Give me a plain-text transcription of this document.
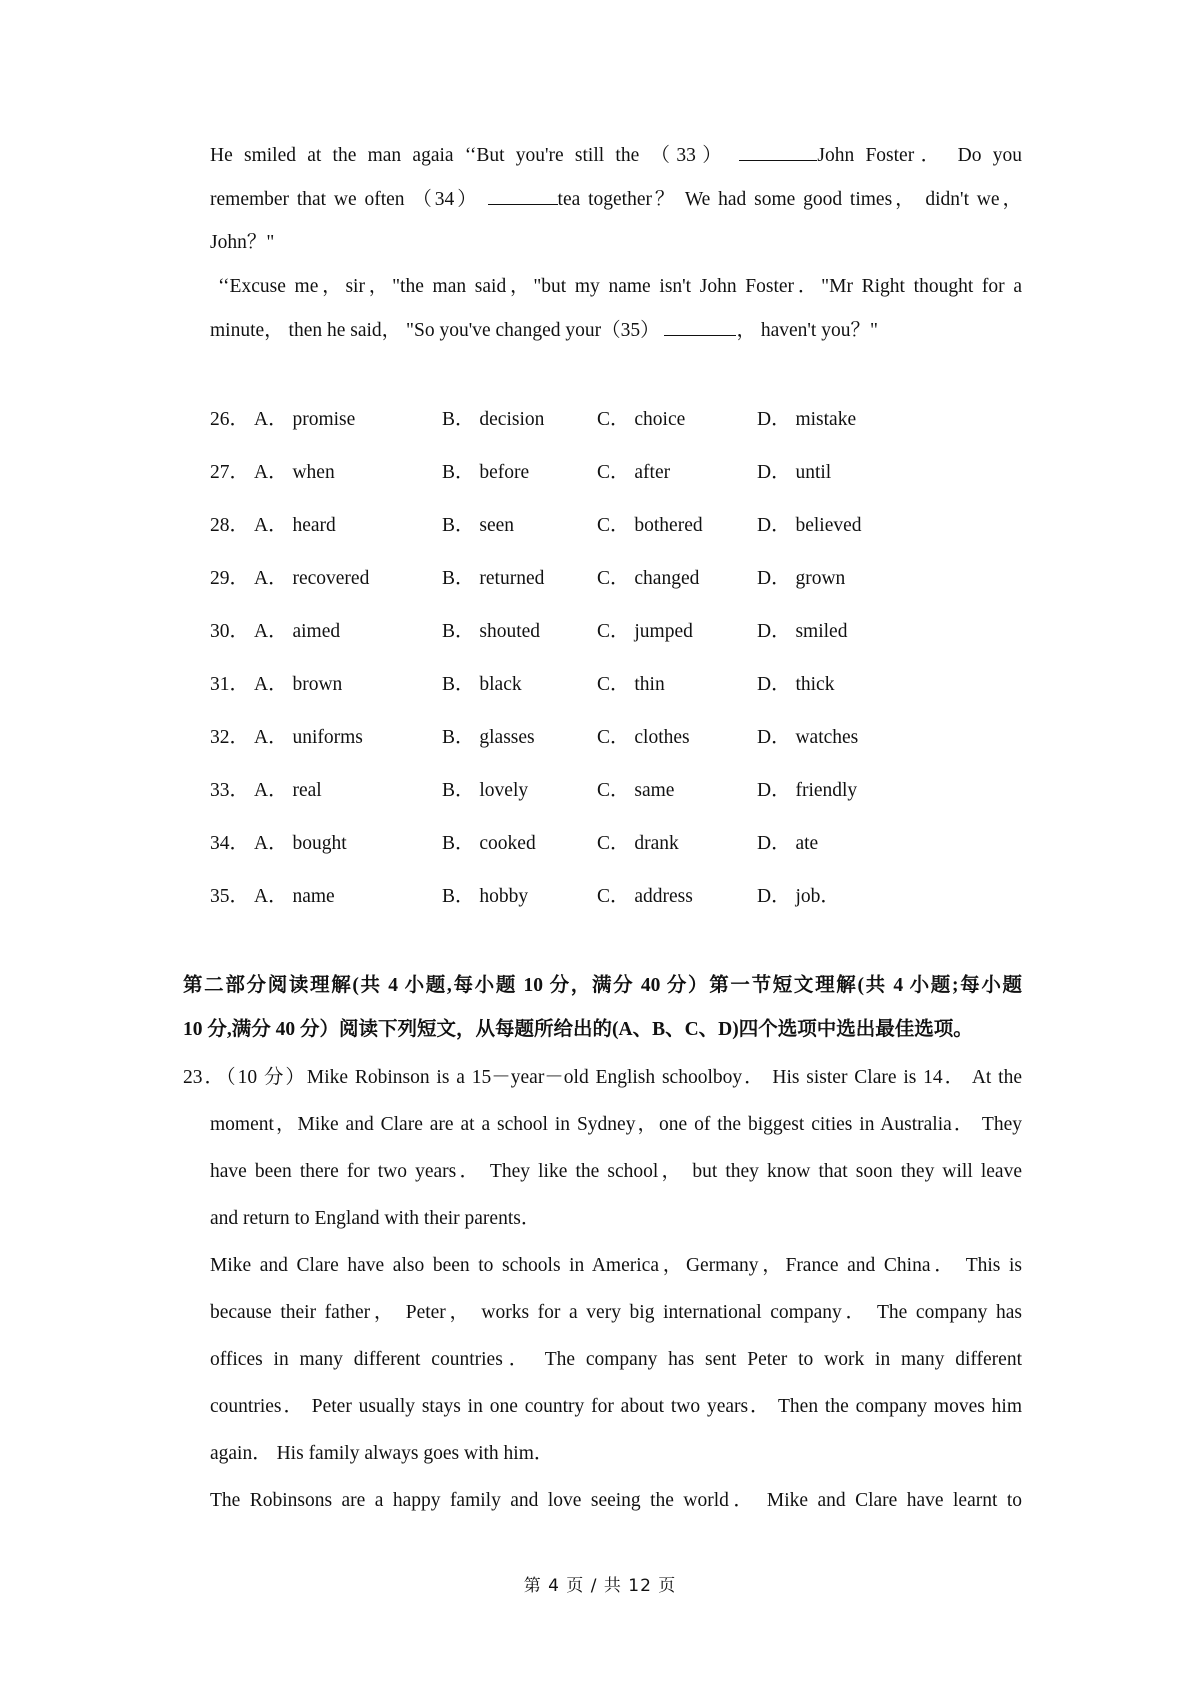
He smiled at the man agaia ‘‘But you're still the （33）	John Foster． Do you
remember that we often （34）	tea together？ We had some good times， didn't we，
John？"
‘‘Excuse me，sir，"the man said，"but my name isn't John Foster．"Mr Right thought for a
minute， then he said， "So you've changed your（35）	， haven't you？"
26． A． promise	B． decision	C． choice	D． mistake
27． A． when	B． before	C． after	D． until
28． A． heard	B． seen	C． bothered	D． believed
29． A． recovered	B． returned	C． changed	D． grown
30． A． aimed	B． shouted	C． jumped	D． smiled
31． A． brown	B． black	C． thin	D． thick
32． A． uniforms	B． glasses	C． clothes	D． watches
33． A． real	B． lovely	C． same	D． friendly
34． A． bought	B． cooked	C． drank	D． ate
35． A． name	B． hobby	C． address	D． job．
第二部分阅读理解(共 4 小题,每小题 10 分，满分 40 分）第一节短文理解(共 4 小题;每小题
10 分,满分 40 分）阅读下列短文，从每题所给出的(A、B、C、D)四个选项中选出最佳选项。
23．（10 分）Mike Robinson is a 15－year－old English schoolboy． His sister Clare is 14． At the
moment，Mike and Clare are at a school in Sydney，one of the biggest cities in Australia． They
have been there for two years． They like the school， but they know that soon they will leave
and return to England with their parents．
Mike and Clare have also been to schools in America，Germany，France and China． This is
because their father， Peter， works for a very big international company． The company has
offices in many different countries． The company has sent Peter to work in many different
countries． Peter usually stays in one country for about two years． Then the company moves him
again． His family always goes with him．
The Robinsons are a happy family and love seeing the world． Mike and Clare have learnt to
第 4 页 / 共 12 页
